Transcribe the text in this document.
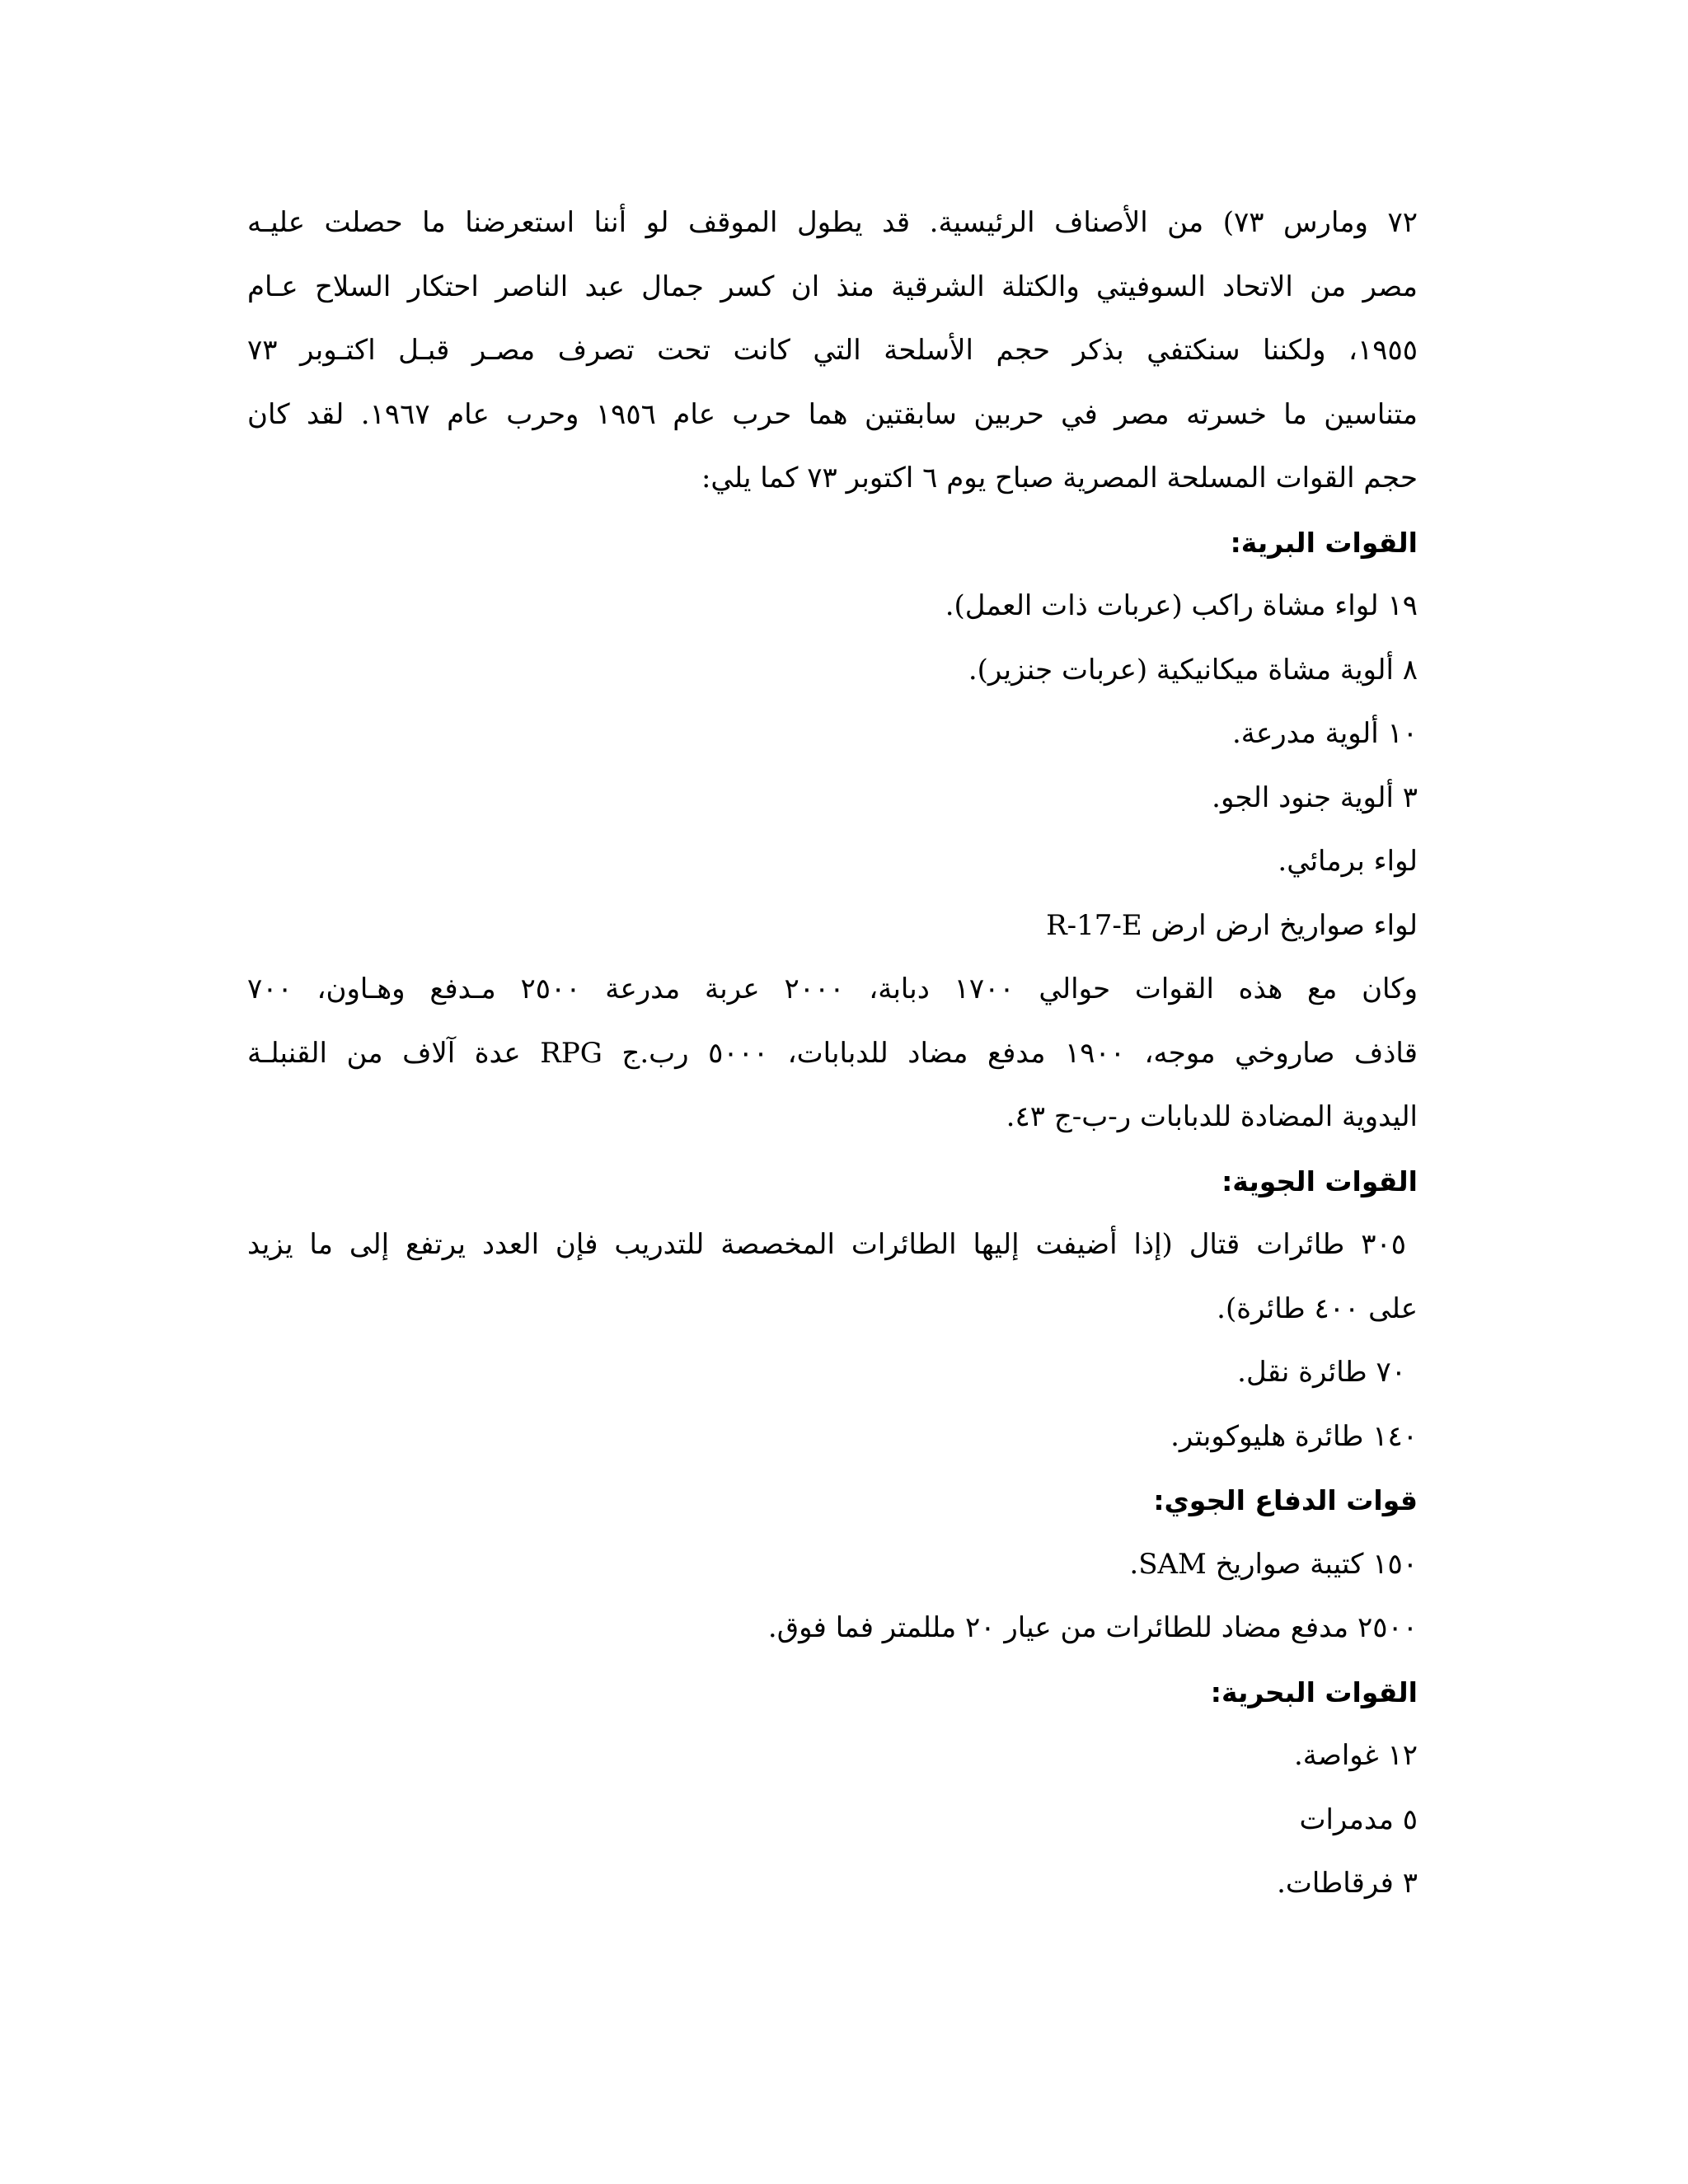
٧٢ ومارس ٧٣) من الأصناف الرئيسية. قد يطول الموقف لو أننا استعرضنا ما حصلت عليـه
مصر من الاتحاد السوفيتي والكتلة الشرقية منذ ان كسر جمال عبد الناصر احتكار السلاح عـام
١٩٥٥، ولكننا سنكتفي بذكر حجم الأسلحة التي كانت تحت تصرف مصـر قبـل اكتـوبر ٧٣
متناسين ما خسرته مصر في حربين سابقتين هما حرب عام ١٩٥٦ وحرب عام ١٩٦٧. لقد كان
حجم القوات المسلحة المصرية صباح يوم ٦ اكتوبر ٧٣ كما يلي:
القوات البرية:
١٩ لواء مشاة راكب (عربات ذات العمل).
٨ ألوية مشاة ميكانيكية (عربات جنزير).
١٠ ألوية مدرعة.
٣ ألوية جنود الجو.
لواء برمائي.
لواء صواريخ ارض ارض R-17-E
وكان مع هذه القوات حوالي ١٧٠٠ دبابة، ٢٠٠٠ عربة مدرعة ٢٥٠٠ مـدفع وهـاون، ٧٠٠
قاذف صاروخي موجه، ١٩٠٠ مدفع مضاد للدبابات، ٥٠٠٠ رب.ج RPG عدة آلاف من القنبلـة
اليدوية المضادة للدبابات ر-ب-ج ٤٣.
القوات الجوية:
٣٠٥ طائرات قتال (إذا أضيفت إليها الطائرات المخصصة للتدريب فإن العدد يرتفع إلى ما يزيد
على ٤٠٠ طائرة).
٧٠ طائرة نقل.
١٤٠ طائرة هليوكوبتر.
قوات الدفاع الجوي:
١٥٠ كتيبة صواريخ SAM.
٢٥٠٠ مدفع مضاد للطائرات من عيار ٢٠ مللمتر فما فوق.
القوات البحرية:
١٢ غواصة.
٥ مدمرات
٣ فرقاطات.
